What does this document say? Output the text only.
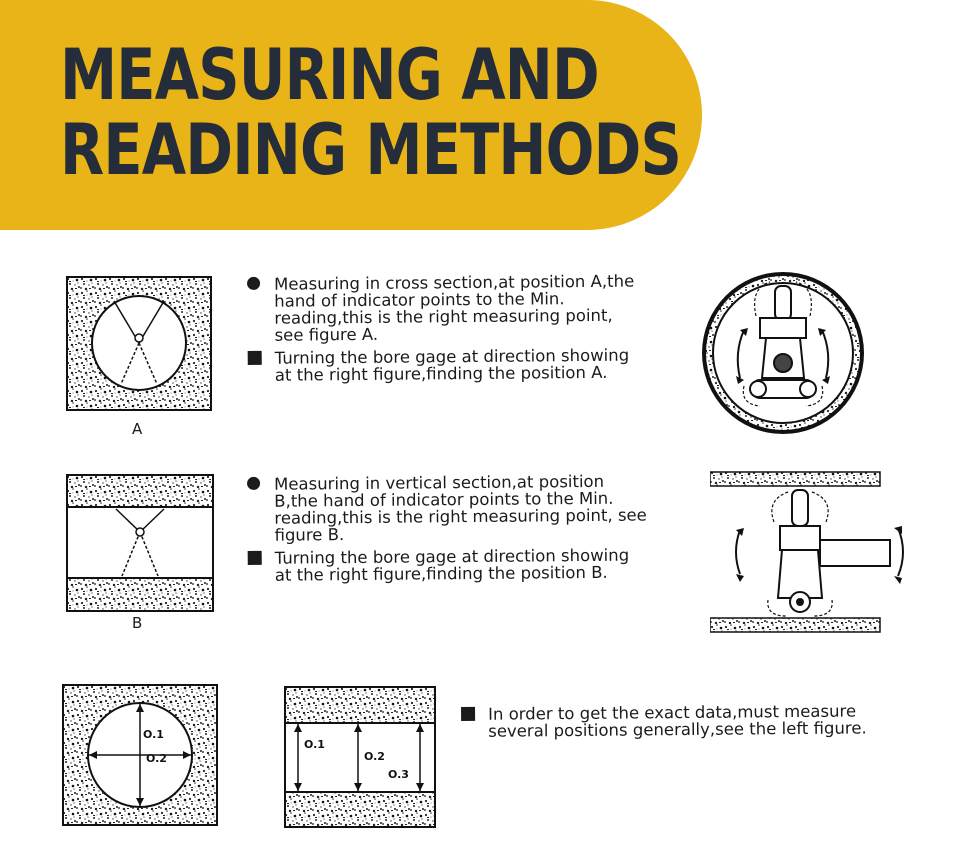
MEASURING AND
READING METHODS
A
Measuring in cross section,at position A,the hand of indicator points to the Min. reading,this is the right measuring point, see figure A.
Turning the bore gage at direction showing at the right figure,finding the position A.
B
Measuring in vertical section,at position B,the hand of indicator points to the Min. reading,this is the right measuring point, see figure B.
Turning the bore gage at direction showing at the right figure,finding the position B.
O.1
O.2
O.1
O.2
O.3
In order to get the exact data,must measure several positions generally,see the left figure.
